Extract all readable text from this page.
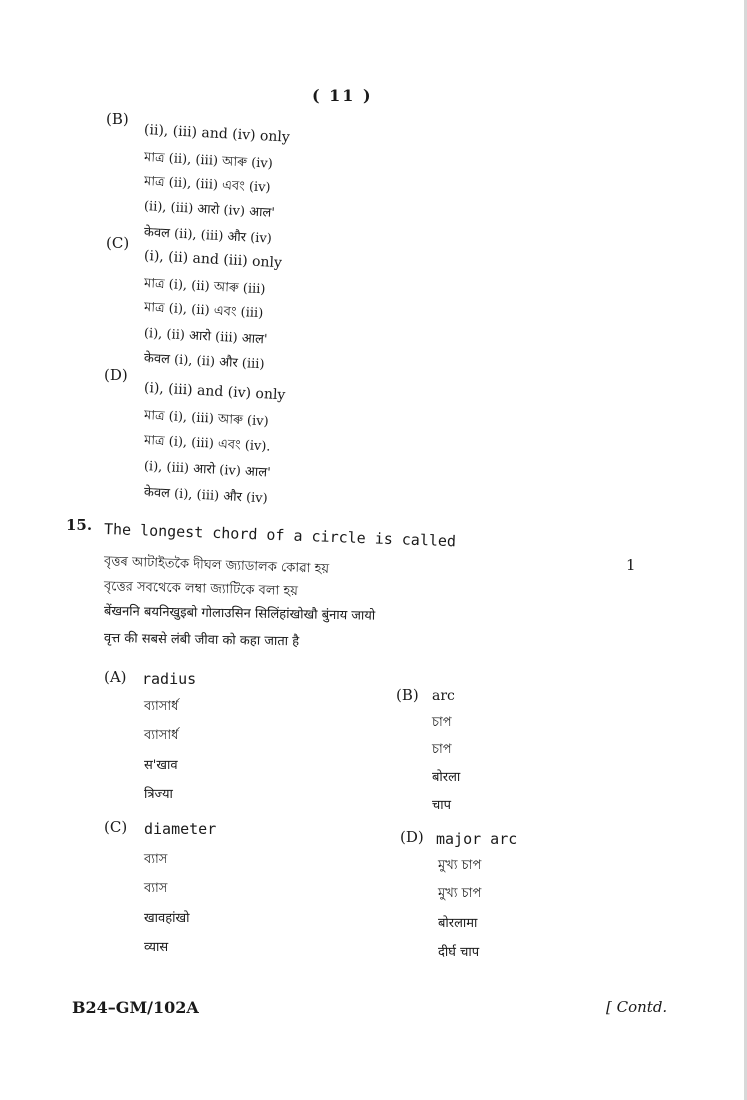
( 11 )
(B)
(ii), (iii) and (iv) only
মাত্র (ii), (iii) আৰু (iv)
মাত্র (ii), (iii) এবং (iv)
(ii), (iii) आरो (iv) आल'
केवल (ii), (iii) और (iv)
(C)
(i), (ii) and (iii) only
মাত্র (i), (ii) আৰু (iii)
মাত্র (i), (ii) এবং (iii)
(i), (ii) आरो (iii) आल'
केवल (i), (ii) और (iii)
(D)
(i), (iii) and (iv) only
মাত্র (i), (iii) আৰু (iv)
মাত্র (i), (iii) এবং (iv).
(i), (iii) आरो (iv) आल'
केवल (i), (iii) और (iv)
15. The longest chord of a circle is called
বৃত্তৰ আটাইতকৈ দীঘল জ্যাডালক কোৱা হয়
বৃত্তের সবথেকে লম্বা জ্যাটিকে বলা হয়
बेंखननि बयनिखुइबो गोलाउसिन सिलिंहांखोखौ बुंनाय जायो
वृत्त की सबसे लंबी जीवा को कहा जाता है
1
(A) radius
ব্যাসাৰ্ধ
ব্যাসার্ধ
स'खाव
त्रिज्या
(B) arc
চাপ
চাপ
बोरला
चाप
(C) diameter
ব্যাস
ব্যাস
खावहांखो
व्यास
(D) major arc
মুখ্য চাপ
মুখ্য চাপ
बोरलामा
दीर्घ चाप
B24–GM/102A	[ Contd.
